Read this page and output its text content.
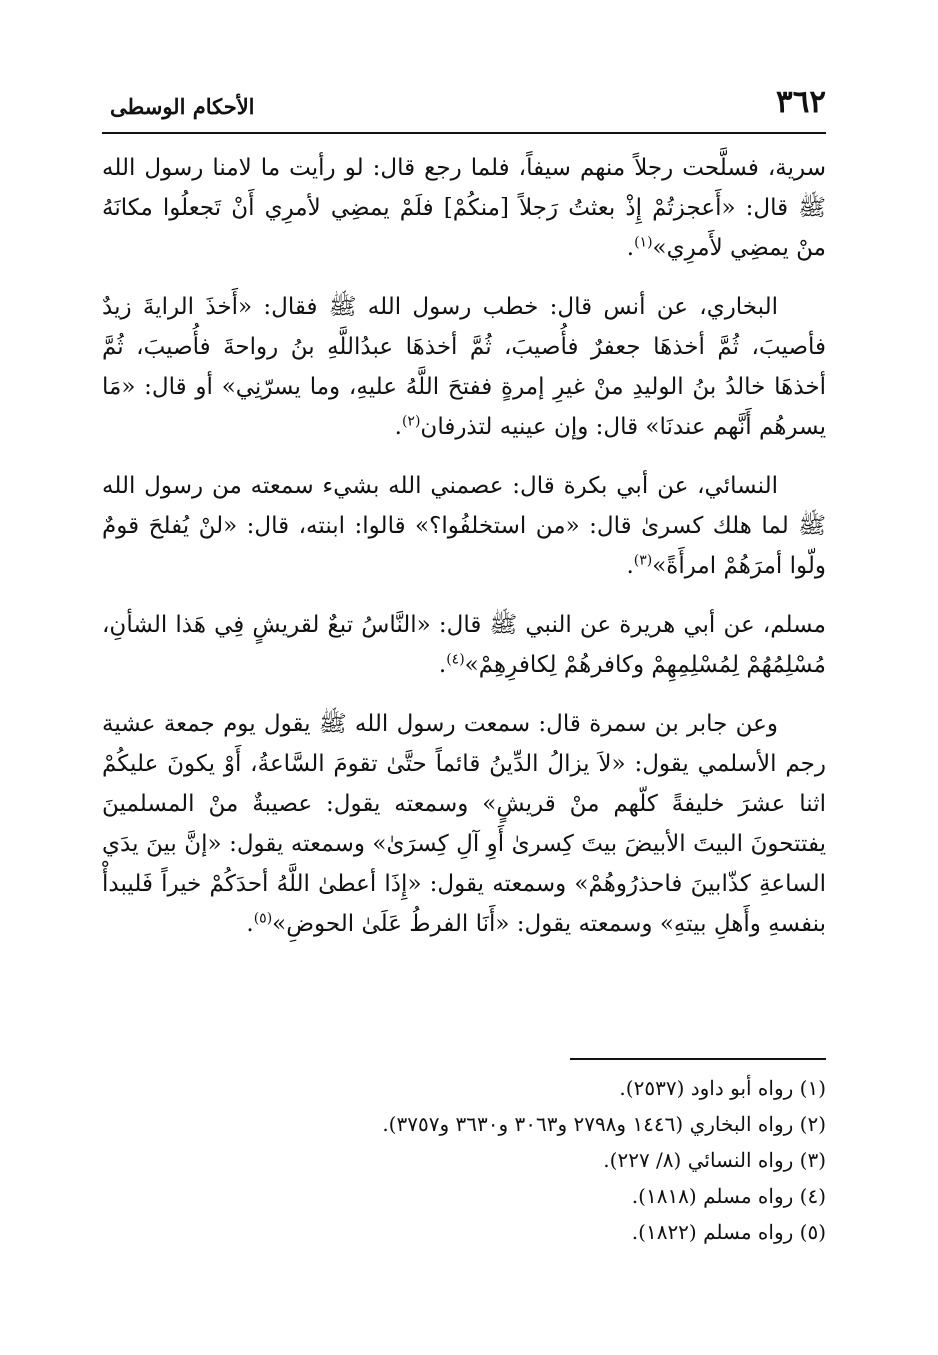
٣٦٢
الأحكام الوسطى

سرية، فسلَّحت رجلاً منهم سيفاً، فلما رجع قال: لو رأيت ما لامنا رسول الله ﷺ قال: «أَعجزتُمْ إِذْ بعثتُ رَجلاً [منكُمْ] فلَمْ يمضِي لأمرِي أَنْ تَجعلُوا مكانَهُ منْ يمضِي لأَمرِي»$^{(١)}$.

البخاري، عن أنس قال: خطب رسول الله ﷺ فقال: «أَخذَ الرايةَ زيدٌ فأصيبَ، ثُمَّ أخذهَا جعفرٌ فأُصيبَ، ثُمَّ أخذهَا عبدُاللَّهِ بنُ رواحةَ فأُصيبَ، ثُمَّ أخذهَا خالدُ بنُ الوليدِ منْ غيرِ إمرةٍ ففتحَ اللَّهُ عليهِ، وما يسرّنِي» أو قال: «مَا يسرهُم أَنَّهم عندنَا» قال: وإن عينيه لتذرفان$^{(٢)}$.

النسائي، عن أبي بكرة قال: عصمني الله بشيء سمعته من رسول الله ﷺ لما هلك كسرىٰ قال: «من استخلفُوا؟» قالوا: ابنته، قال: «لنْ يُفلحَ قومٌ ولّوا أمرَهُمْ امرأَةً»$^{(٣)}$.

مسلم، عن أبي هريرة عن النبي ﷺ قال: «النَّاسُ تبعٌ لقريشٍ فِي هَذا الشأنِ، مُسْلِمُهُمْ لِمُسْلِمِهِمْ وكافرهُمْ لِكافرِهِمْ»$^{(٤)}$.

وعن جابر بن سمرة قال: سمعت رسول الله ﷺ يقول يوم جمعة عشية رجم الأسلمي يقول: «لاَ يزالُ الدِّينُ قائماً حتَّىٰ تقومَ السَّاعةُ، أَوْ يكونَ عليكُمْ اثنا عشرَ خليفةً كلّهم منْ قريشٍ» وسمعته يقول: عصيبةٌ منْ المسلمينَ يفتتحونَ البيتَ الأبيضَ بيتَ كِسرىٰ أَوِ آلِ كِسرَىٰ» وسمعته يقول: «إنَّ بينَ يدَي الساعةِ كذّابينَ فاحذرُوهُمْ» وسمعته يقول: «إِذَا أعطىٰ اللَّهُ أحدَكُمْ خيراً فَليبدأْ بنفسهِ وأَهلِ بيتهِ» وسمعته يقول: «أَنَا الفرطُ عَلَىٰ الحوضِ»$^{(٥)}$.

(١) رواه أبو داود (٢٥٣٧).

(٢) رواه البخاري (١٤٤٦ و٢٧٩٨ و٣٠٦٣ و٣٦٣٠ و٣٧٥٧).

(٣) رواه النسائي (٨/ ٢٢٧).

(٤) رواه مسلم (١٨١٨).

(٥) رواه مسلم (١٨٢٢).
